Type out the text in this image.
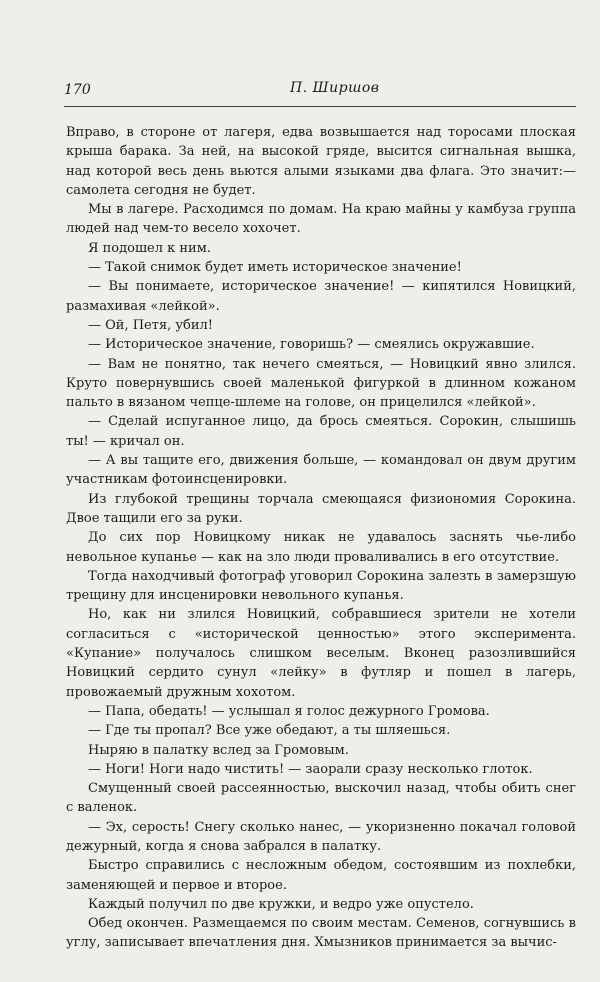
170	П. Ширшов

Вправо, в стороне от лагеря, едва возвышается над торосами плоская крыша барака. За ней, на высокой гряде, высится сигнальная вышка, над которой весь день вьются алыми языками два флага. Это значит:— самолета сегодня не будет.

Мы в лагере. Расходимся по домам. На краю майны у камбуза группа людей над чем-то весело хохочет.

Я подошел к ним.

— Такой снимок будет иметь историческое значение!

— Вы понимаете, историческое значение! — кипятился Новицкий, размахивая «лейкой».

— Ой, Петя, убил!

— Историческое значение, говоришь? — смеялись окружавшие.

— Вам не понятно, так нечего смеяться, — Новицкий явно злился. Круто повернувшись своей маленькой фигуркой в длинном кожаном пальто в вязаном чепце-шлеме на голове, он прицелился «лейкой».

— Сделай испуганное лицо, да брось смеяться. Сорокин, слышишь ты! — кричал он.

— А вы тащите его, движения больше, — командовал он двум другим участникам фотоинсценировки.

Из глубокой трещины торчала смеющаяся физиономия Сорокина. Двое тащили его за руки.

До сих пор Новицкому никак не удавалось заснять чье-либо невольное купанье — как на зло люди проваливались в его отсутствие.

Тогда находчивый фотограф уговорил Сорокина залезть в замерзшую трещину для инсценировки невольного купанья.

Но, как ни злился Новицкий, собравшиеся зрители не хотели соглаcиться с «исторической ценностью» этого эксперимента. «Купание» получалось слишком веселым. Вконец разозлившийся Новицкий сердито сунул «лейку» в футляр и пошел в лагерь, провожаемый дружным хохотом.

— Папа, обедать! — услышал я голос дежурного Громова.

— Где ты пропал? Все уже обедают, а ты шляешься.

Ныряю в палатку вслед за Громовым.

— Ноги! Ноги надо чистить! — заорали сразу несколько глоток.

Смущенный своей рассеянностью, выскочил назад, чтобы обить снег с валенок.

— Эх, серость! Снегу сколько нанес, — укоризненно покачал головой дежурный, когда я снова забрался в палатку.

Быстро справились с несложным обедом, состоявшим из похлебки, заменяющей и первое и второе.

Каждый получил по две кружки, и ведро уже опустело.

Обед окончен. Размещаемся по своим местам. Семенов, согнувшись в углу, записывает впечатления дня. Хмызников принимается за вычис-
